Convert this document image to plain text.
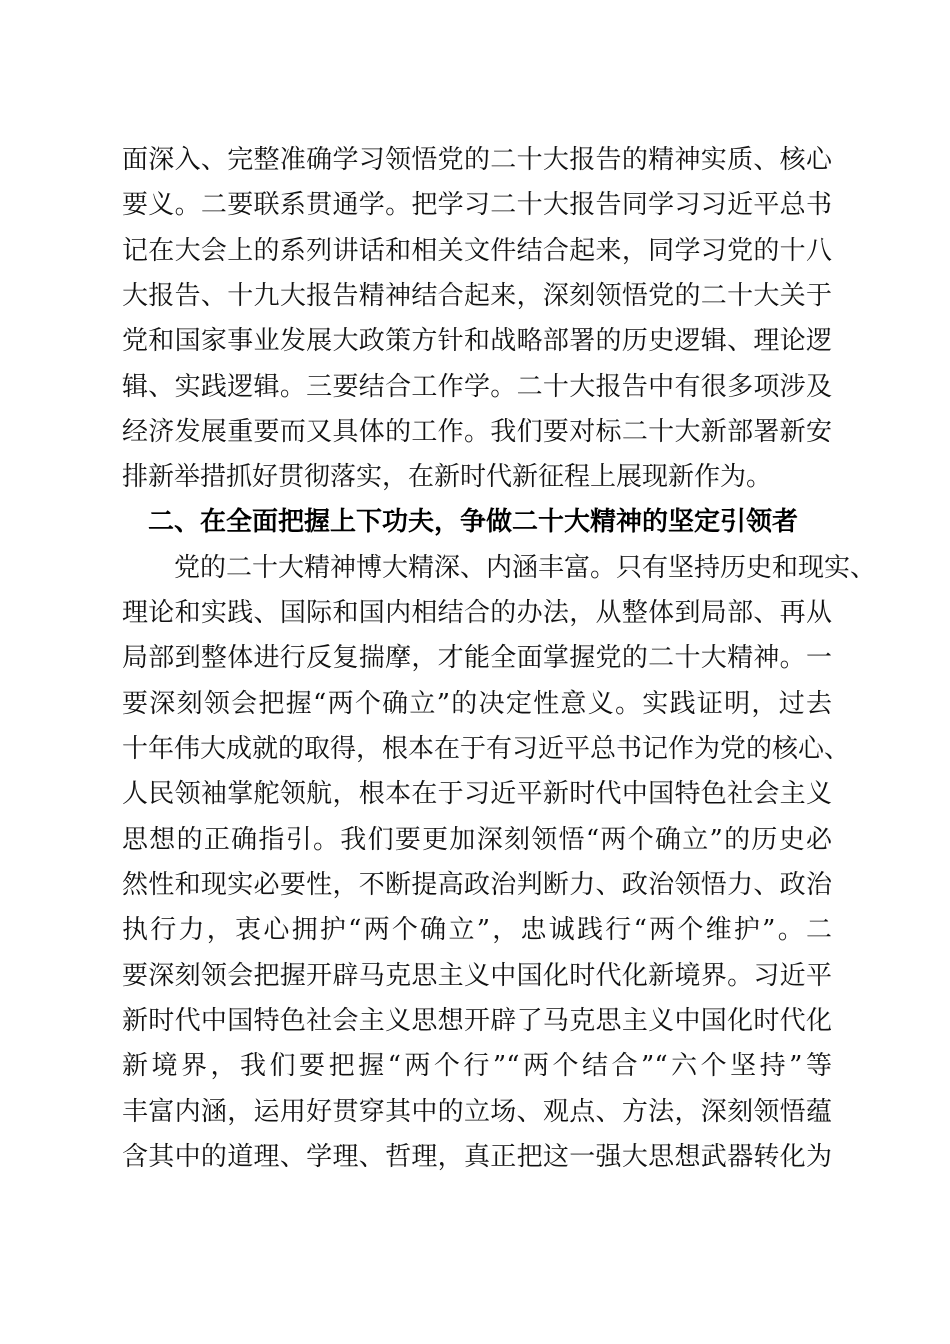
面深入、完整准确学习领悟党的二十大报告的精神实质、核心
要义。二要联系贯通学。把学习二十大报告同学习习近平总书
记在大会上的系列讲话和相关文件结合起来，同学习党的十八
大报告、十九大报告精神结合起来，深刻领悟党的二十大关于
党和国家事业发展大政策方针和战略部署的历史逻辑、理论逻
辑、实践逻辑。三要结合工作学。二十大报告中有很多项涉及
经济发展重要而又具体的工作。我们要对标二十大新部署新安
排新举措抓好贯彻落实，在新时代新征程上展现新作为。
二、在全面把握上下功夫，争做二十大精神的坚定引领者
党的二十大精神博大精深、内涵丰富。只有坚持历史和现实、
理论和实践、国际和国内相结合的办法，从整体到局部、再从
局部到整体进行反复揣摩，才能全面掌握党的二十大精神。一
要深刻领会把握“两个确立”的决定性意义。实践证明，过去
十年伟大成就的取得，根本在于有习近平总书记作为党的核心、
人民领袖掌舵领航，根本在于习近平新时代中国特色社会主义
思想的正确指引。我们要更加深刻领悟“两个确立”的历史必
然性和现实必要性，不断提高政治判断力、政治领悟力、政治
执行力，衷心拥护“两个确立”，忠诚践行“两个维护”。二
要深刻领会把握开辟马克思主义中国化时代化新境界。习近平
新时代中国特色社会主义思想开辟了马克思主义中国化时代化
新境界，我们要把握“两个行”“两个结合”“六个坚持”等
丰富内涵，运用好贯穿其中的立场、观点、方法，深刻领悟蕴
含其中的道理、学理、哲理，真正把这一强大思想武器转化为
